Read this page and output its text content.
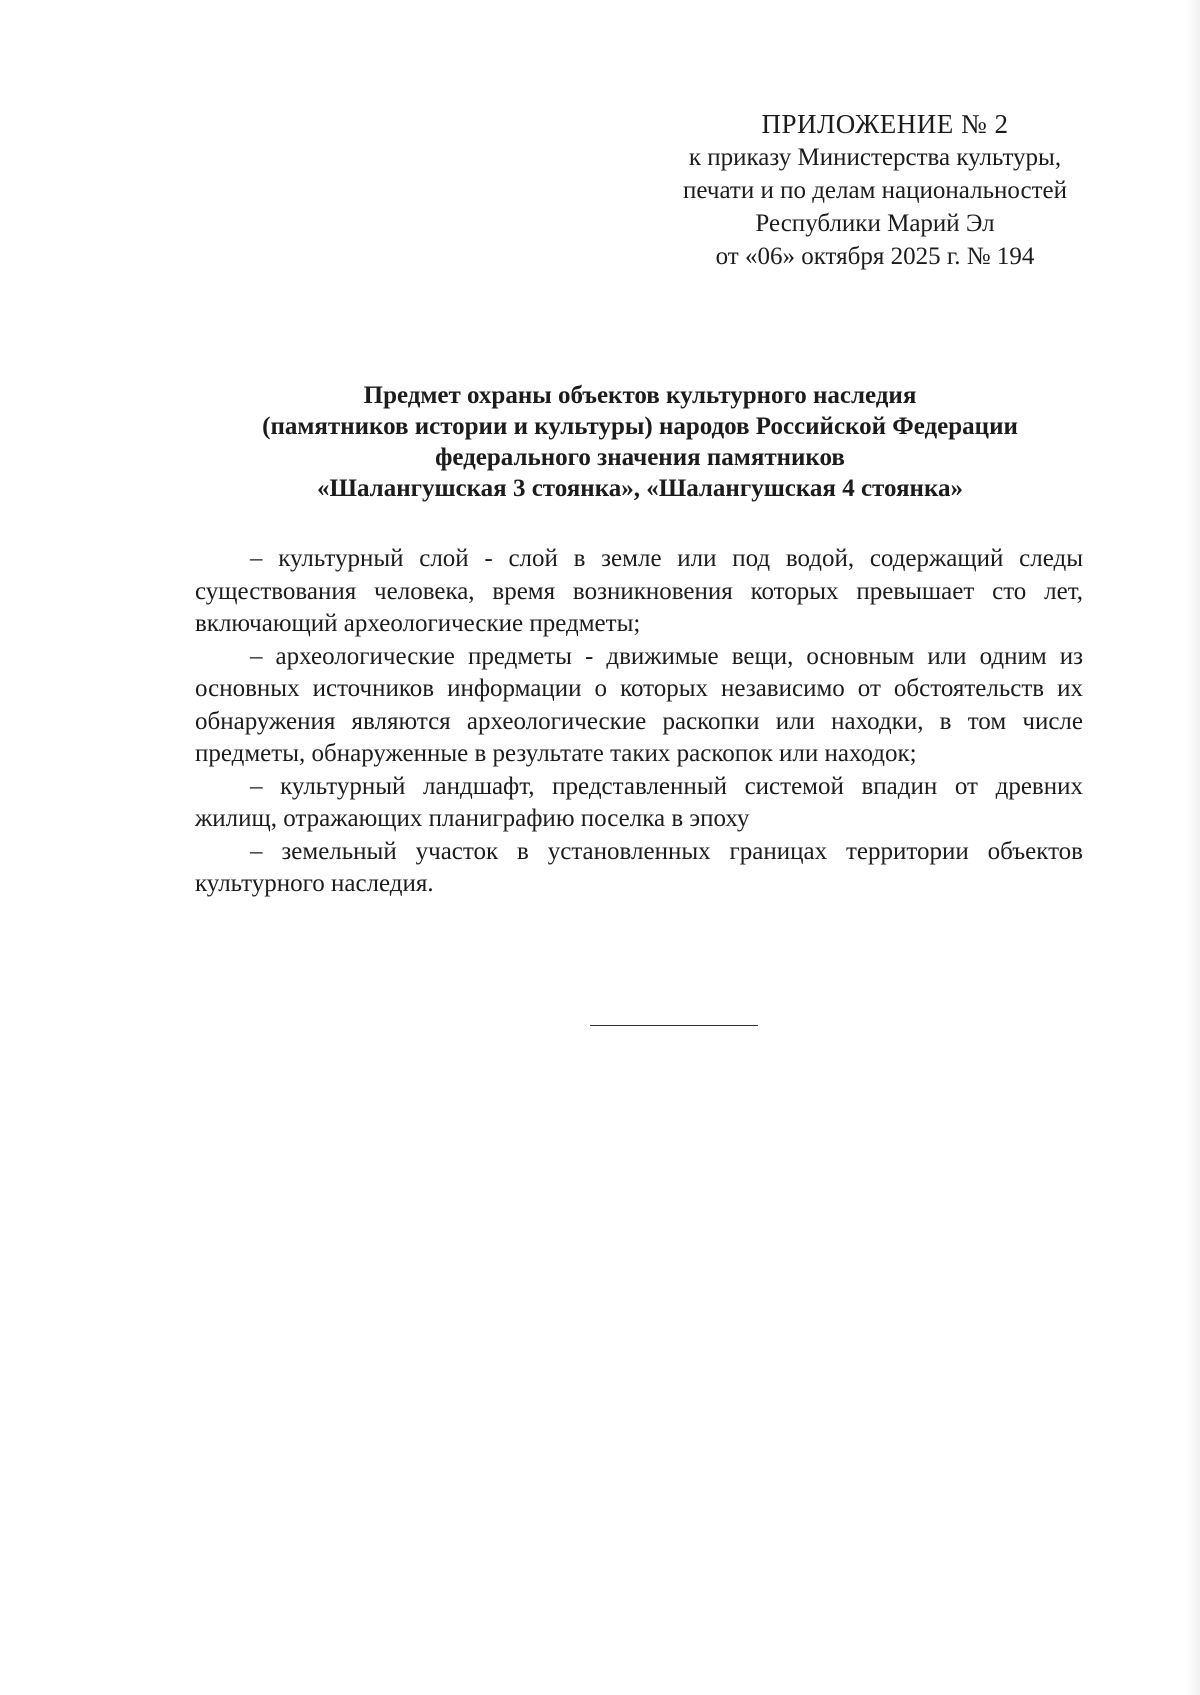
ПРИЛОЖЕНИЕ № 2
к приказу Министерства культуры,
печати и по делам национальностей
Республики Марий Эл
от «06» октября 2025 г. № 194
Предмет охраны объектов культурного наследия
(памятников истории и культуры) народов Российской Федерации
федерального значения памятников
«Шалангушская 3 стоянка», «Шалангушская 4 стоянка»

– культурный слой - слой в земле или под водой, содержащий следы существования человека, время возникновения которых превышает сто лет, включающий археологические предметы;

– археологические предметы - движимые вещи, основным или одним из основных источников информации о которых независимо от обстоятельств их обнаружения являются археологические раскопки или находки, в том числе предметы, обнаруженные в результате таких раскопок или находок;

– культурный ландшафт, представленный системой впадин от древних жилищ, отражающих планиграфию поселка в эпоху

– земельный участок в установленных границах территории объектов культурного наследия.
